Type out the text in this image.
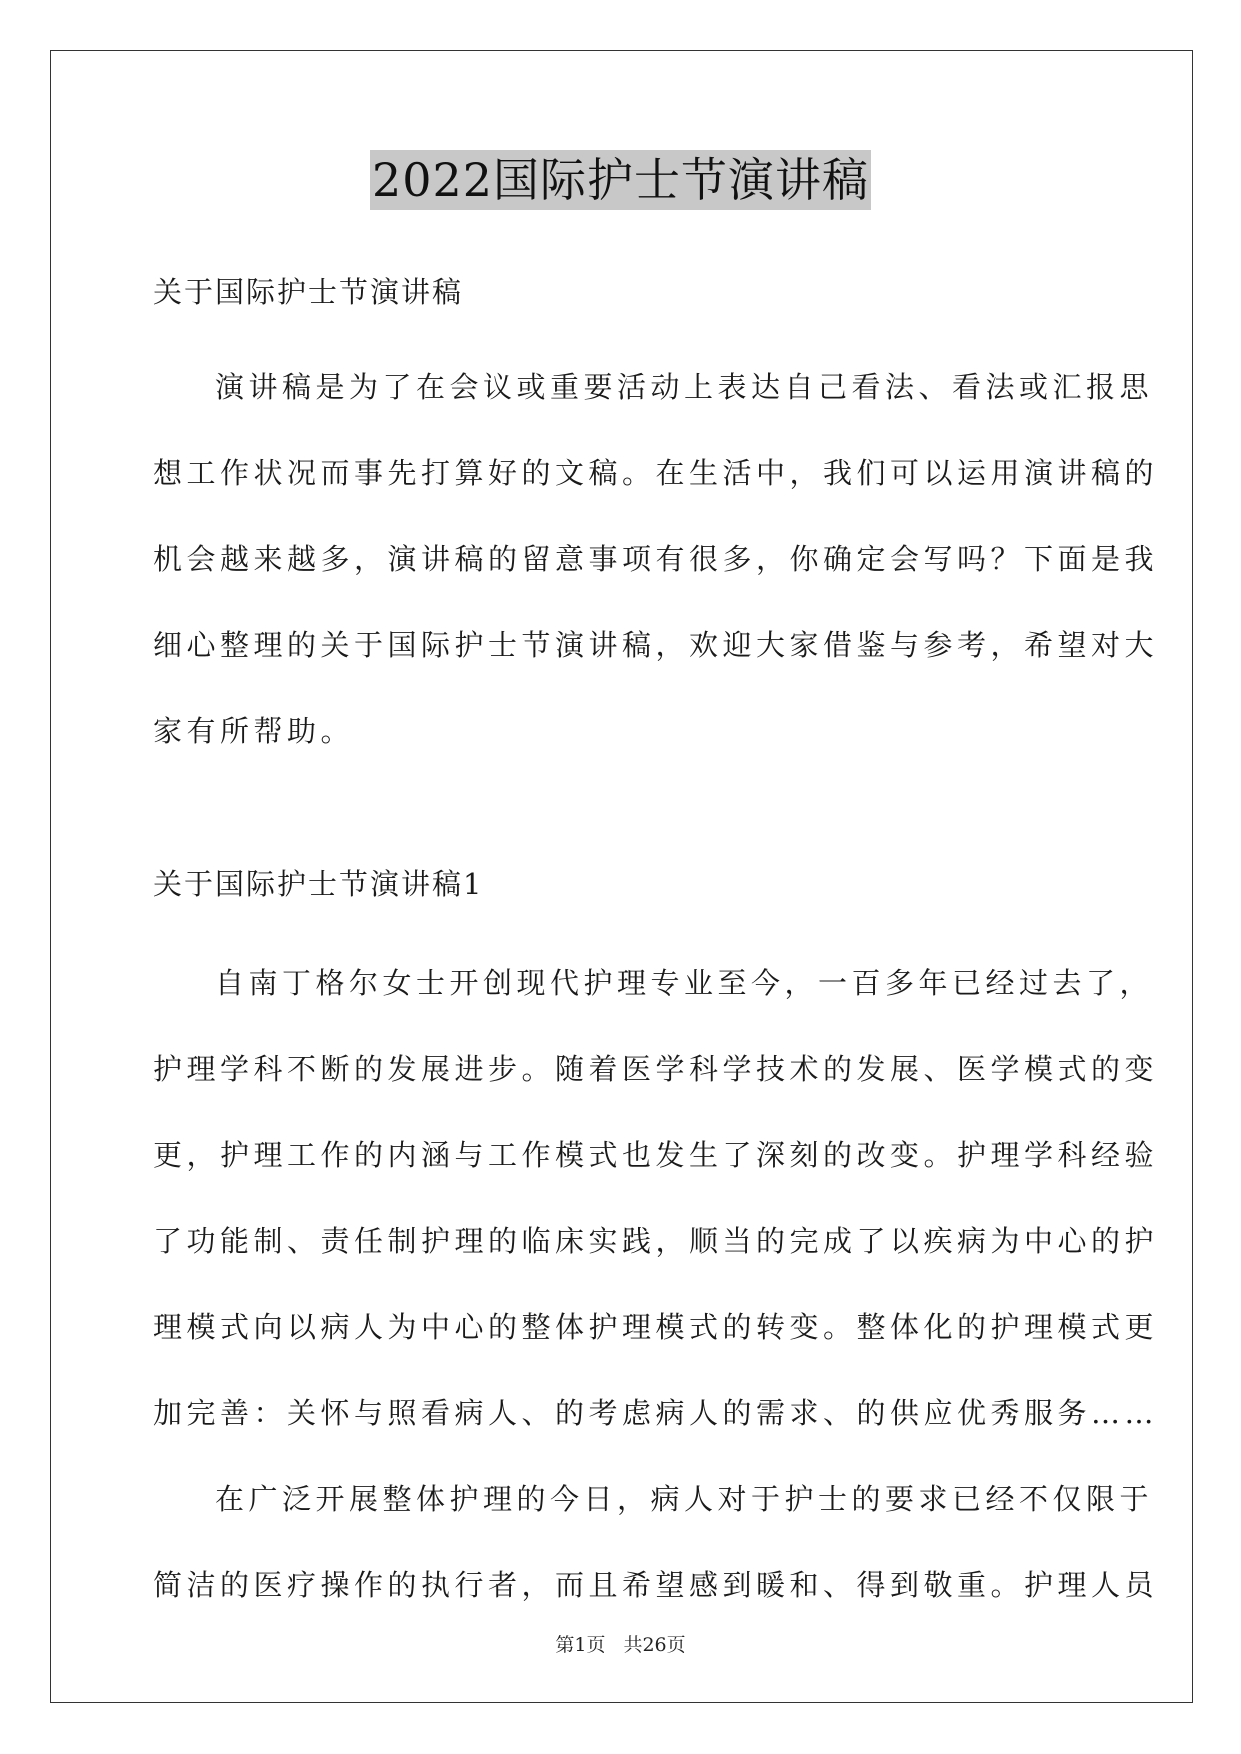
2022国际护士节演讲稿
关于国际护士节演讲稿
演讲稿是为了在会议或重要活动上表达自己看法、看法或汇报思
想工作状况而事先打算好的文稿。在生活中，我们可以运用演讲稿的
机会越来越多，演讲稿的留意事项有很多，你确定会写吗？下面是我
细心整理的关于国际护士节演讲稿，欢迎大家借鉴与参考，希望对大
家有所帮助。
关于国际护士节演讲稿1
自南丁格尔女士开创现代护理专业至今，一百多年已经过去了，
护理学科不断的发展进步。随着医学科学技术的发展、医学模式的变
更，护理工作的内涵与工作模式也发生了深刻的改变。护理学科经验
了功能制、责任制护理的临床实践，顺当的完成了以疾病为中心的护
理模式向以病人为中心的整体护理模式的转变。整体化的护理模式更
加完善：关怀与照看病人、的考虑病人的需求、的供应优秀服务……
在广泛开展整体护理的今日，病人对于护士的要求已经不仅限于
简洁的医疗操作的执行者，而且希望感到暖和、得到敬重。护理人员
第1页 共26页
